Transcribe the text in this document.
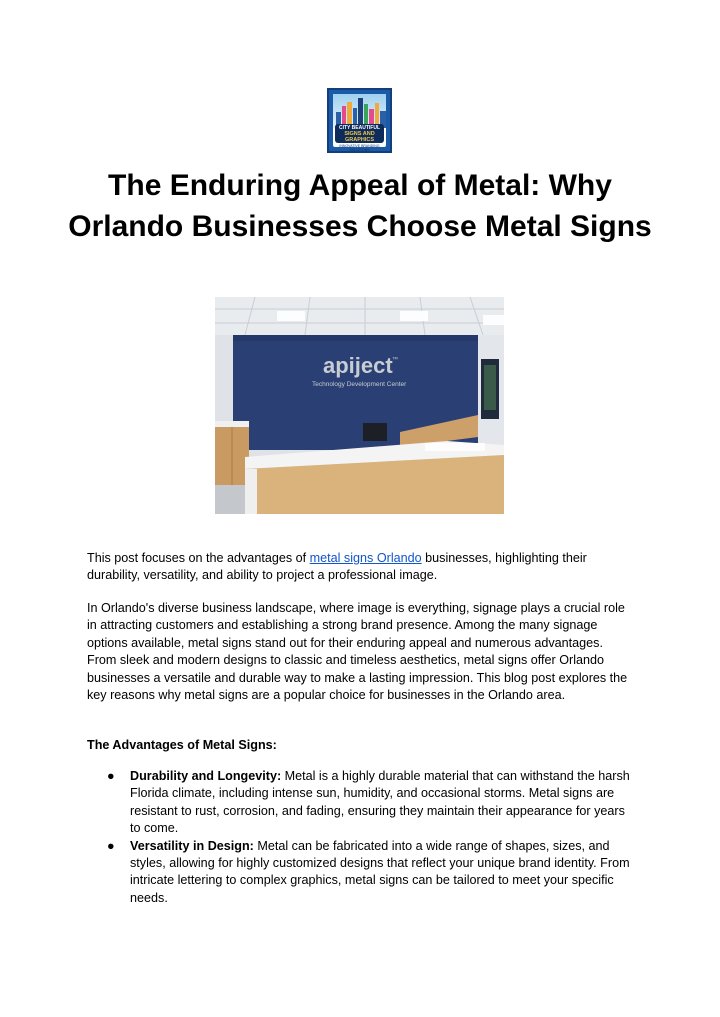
CITY BEAUTIFUL
SIGNS AND GRAPHICS
INNOVATIVE BRANDING SOLUTIONS
The Enduring Appeal of Metal: Why Orlando Businesses Choose Metal Signs
apiject ™
Technology Development Center
This post focuses on the advantages of metal signs Orlando businesses, highlighting their durability, versatility, and ability to project a professional image.
In Orlando's diverse business landscape, where image is everything, signage plays a crucial role in attracting customers and establishing a strong brand presence. Among the many signage options available, metal signs stand out for their enduring appeal and numerous advantages. From sleek and modern designs to classic and timeless aesthetics, metal signs offer Orlando businesses a versatile and durable way to make a lasting impression. This blog post explores the key reasons why metal signs are a popular choice for businesses in the Orlando area.
The Advantages of Metal Signs:
● Durability and Longevity: Metal is a highly durable material that can withstand the harsh Florida climate, including intense sun, humidity, and occasional storms. Metal signs are resistant to rust, corrosion, and fading, ensuring they maintain their appearance for years to come.
● Versatility in Design: Metal can be fabricated into a wide range of shapes, sizes, and styles, allowing for highly customized designs that reflect your unique brand identity. From intricate lettering to complex graphics, metal signs can be tailored to meet your specific needs.
